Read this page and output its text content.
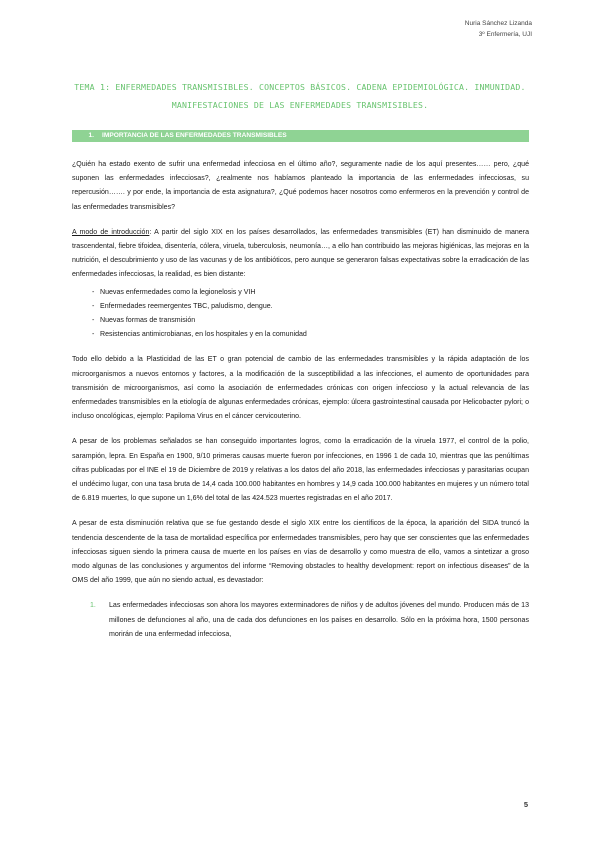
Nuria Sánchez Lizanda
3º Enfermería, UJI
TEMA 1: ENFERMEDADES TRANSMISIBLES. CONCEPTOS BÁSICOS. CADENA EPIDEMIOLÓGICA. INMUNIDAD.
MANIFESTACIONES DE LAS ENFERMEDADES TRANSMISIBLES.
1. IMPORTANCIA DE LAS ENFERMEDADES TRANSMISIBLES

¿Quién ha estado exento de sufrir una enfermedad infecciosa en el último año?, seguramente nadie de los aquí presentes…… pero, ¿qué suponen las enfermedades infecciosas?, ¿realmente nos habíamos planteado la importancia de las enfermedades infecciosas, su repercusión……. y por ende, la importancia de esta asignatura?, ¿Qué podemos hacer nosotros como enfermeros en la prevención y control de las enfermedades transmisibles?

A modo de introducción: A partir del siglo XIX en los países desarrollados, las enfermedades transmisibles (ET) han disminuido de manera trascendental, fiebre tifoidea, disentería, cólera, viruela, tuberculosis, neumonía…, a ello han contribuido las mejoras higiénicas, las mejoras en la nutrición, el descubrimiento y uso de las vacunas y de los antibióticos, pero aunque se generaron falsas expectativas sobre la erradicación de las enfermedades infecciosas, la realidad, es bien distante:

- Nuevas enfermedades como la legionelosis y VIH
- Enfermedades reemergentes TBC, paludismo, dengue.
- Nuevas formas de transmisión
- Resistencias antimicrobianas, en los hospitales y en la comunidad

Todo ello debido a la Plasticidad de las ET o gran potencial de cambio de las enfermedades transmisibles y la rápida adaptación de los microorganismos a nuevos entornos y factores, a la modificación de la susceptibilidad a las infecciones, el aumento de oportunidades para transmisión de microorganismos, así como la asociación de enfermedades crónicas con origen infeccioso y la actual relevancia de las enfermedades transmisibles en la etiología de algunas enfermedades crónicas, ejemplo: úlcera gastrointestinal causada por Helicobacter pylori; o incluso oncológicas, ejemplo: Papiloma Virus en el cáncer cervicouterino.

A pesar de los problemas señalados se han conseguido importantes logros, como la erradicación de la viruela 1977, el control de la polio, sarampión, lepra. En España en 1900, 9/10 primeras causas muerte fueron por infecciones, en 1996 1 de cada 10, mientras que las penúltimas cifras publicadas por el INE el 19 de Diciembre de 2019 y relativas a los datos del año 2018, las enfermedades infecciosas y parasitarias ocupan el undécimo lugar, con una tasa bruta de 14,4 cada 100.000 habitantes en hombres y 14,9 cada 100.000 habitantes en mujeres y un número total de 6.819 muertes, lo que supone un 1,6% del total de las 424.523 muertes registradas en el año 2017.

A pesar de esta disminución relativa que se fue gestando desde el siglo XIX entre los científicos de la época, la aparición del SIDA truncó la tendencia descendente de la tasa de mortalidad específica por enfermedades transmisibles, pero hay que ser conscientes que las enfermedades infecciosas siguen siendo la primera causa de muerte en los países en vías de desarrollo y como muestra de ello, vamos a sintetizar a groso modo algunas de las conclusiones y argumentos del informe “Removing obstacles to healthy development: report on infectious diseases” de la OMS del año 1999, que aún no siendo actual, es devastador:

1. Las enfermedades infecciosas son ahora los mayores exterminadores de niños y de adultos jóvenes del mundo. Producen más de 13 millones de defunciones al año, una de cada dos defunciones en los países en desarrollo. Sólo en la próxima hora, 1500 personas morirán de una enfermedad infecciosa,
5
